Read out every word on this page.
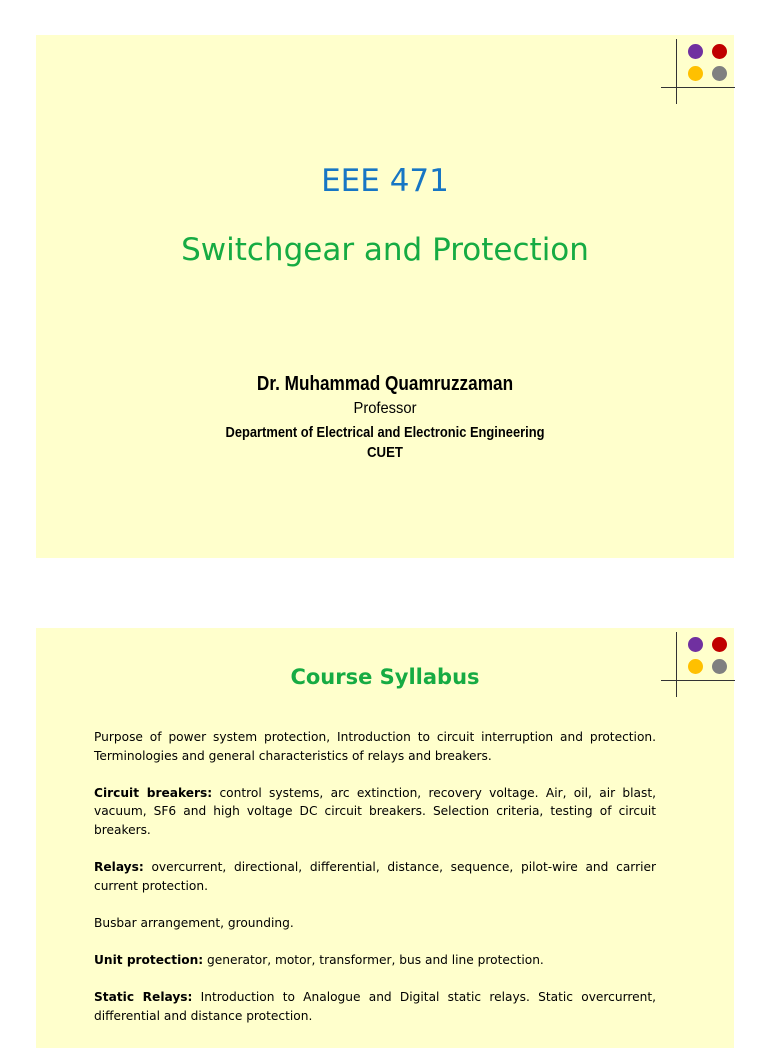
EEE 471
Switchgear and Protection
Dr. Muhammad Quamruzzaman
Professor
Department of Electrical and Electronic Engineering
CUET
Course Syllabus

Purpose of power system protection, Introduction to circuit interruption and protection. Terminologies and general characteristics of relays and breakers.

Circuit breakers: control systems, arc extinction, recovery voltage. Air, oil, air blast, vacuum, SF6 and high voltage DC circuit breakers. Selection criteria, testing of circuit breakers.

Relays: overcurrent, directional, differential, distance, sequence, pilot-wire and carrier current protection.

Busbar arrangement, grounding.

Unit protection: generator, motor, transformer, bus and line protection.

Static Relays: Introduction to Analogue and Digital static relays. Static overcurrent, differential and distance protection.
